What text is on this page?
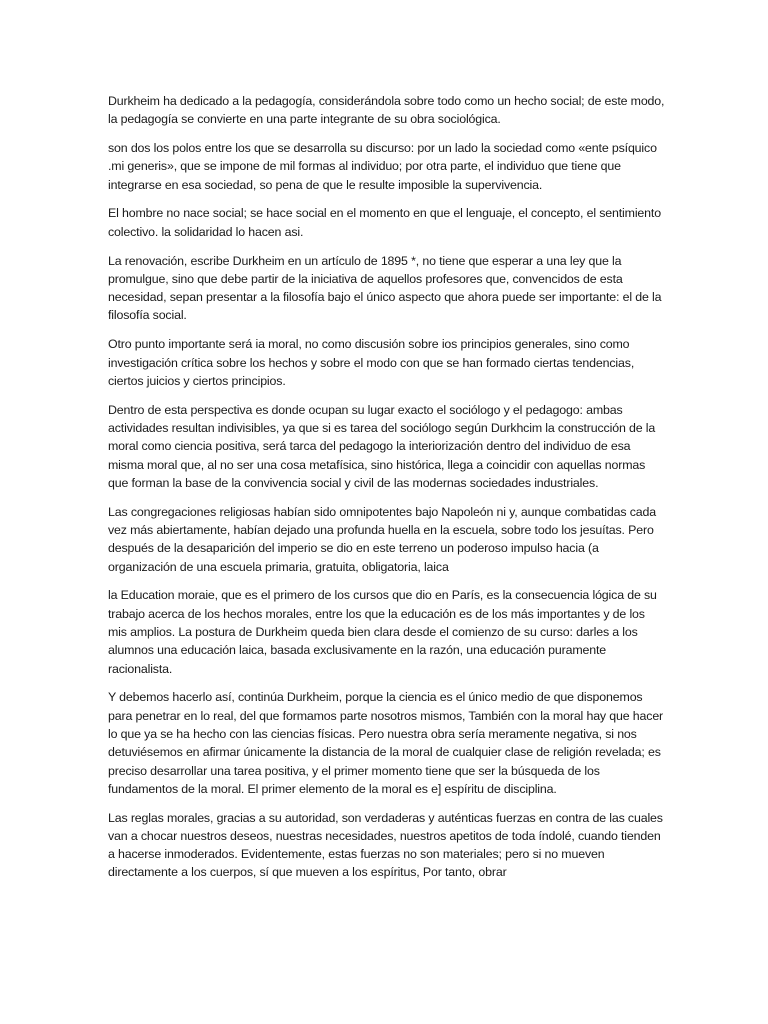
Durkheim ha dedicado a la pedagogía, considerándola sobre todo como un hecho social; de este modo, la pedagogía se convierte en una parte integrante de su obra sociológica.

son dos los polos entre los que se desarrolla su discurso: por un lado la sociedad como «ente psíquico .mi generis», que se impone de mil formas al individuo; por otra parte, el individuo que tiene que integrarse en esa sociedad, so pena de que le resulte imposible la supervivencia.

El hombre no nace social; se hace social en el momento en que el lenguaje, el concepto, el sentimiento colectivo. la solidaridad lo hacen asi.

La renovación, escribe Durkheim en un artículo de 1895 *, no tiene que esperar a una ley que la promulgue, sino que debe partir de la iniciativa de aquellos profesores que, convencidos de esta necesidad, sepan presentar a la filosofía bajo el único aspecto que ahora puede ser importante: el de la filosofía social.

Otro punto importante será ia moral, no como discusión sobre ios principios generales, sino como investigación crítica sobre los hechos y sobre el modo con que se han formado ciertas tendencias, ciertos juicios y ciertos principios.

Dentro de esta perspectiva es donde ocupan su lugar exacto el sociólogo y el pedagogo: ambas actividades resultan indivisibles, ya que si es tarea del sociólogo según Durkhcim la construcción de la moral como ciencia positiva, será tarca del pedagogo la interiorización dentro del individuo de esa misma moral que, al no ser una cosa metafísica, sino histórica, llega a coincidir con aquellas normas que forman la base de la convivencia social y civil de las modernas sociedades industriales.

Las congregaciones religiosas habían sido omnipotentes bajo Napoleón ni y, aunque combatidas cada vez más abiertamente, habían dejado una profunda huella en la escuela, sobre todo los jesuítas. Pero después de la desaparición del imperio se dio en este terreno un poderoso impulso hacia (a organización de una escuela primaria, gratuita, obligatoria, laica

la Education moraie, que es el primero de los cursos que dio en París, es la consecuencia lógica de su trabajo acerca de los hechos morales, entre los que la educación es de los más importantes y de los mis amplios. La postura de Durkheim queda bien clara desde el comienzo de su curso: darles a los alumnos una educación laica, basada exclusivamente en la razón, una educación puramente racionalista.

Y debemos hacerlo así, continúa Durkheim, porque la ciencia es el único medio de que disponemos para penetrar en lo real, del que formamos parte nosotros mismos, También con la moral hay que hacer lo que ya se ha hecho con las ciencias físicas. Pero nuestra obra sería meramente negativa, si nos detuviésemos en afirmar únicamente la distancia de la moral de cualquier clase de religión revelada; es preciso desarrollar una tarea positiva, y el primer momento tiene que ser la búsqueda de los fundamentos de la moral. El primer elemento de la moral es e] espíritu de disciplina.

Las reglas morales, gracias a su autoridad, son verdaderas y auténticas fuerzas en contra de las cuales van a chocar nuestros deseos, nuestras necesidades, nuestros apetitos de toda índolé, cuando tienden a hacerse inmoderados. Evidentemente, estas fuerzas no son materiales; pero si no mueven directamente a los cuerpos, sí que mueven a los espíritus, Por tanto, obrar
